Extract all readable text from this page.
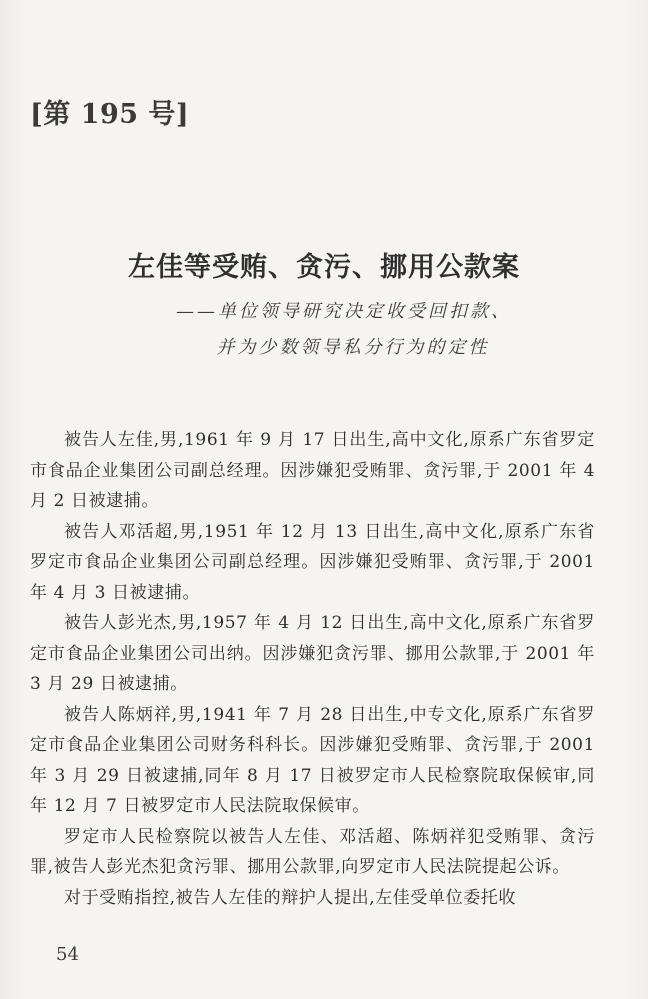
[第 195 号]
左佳等受贿、贪污、挪用公款案

——单位领导研究决定收受回扣款、

并为少数领导私分行为的定性

被告人左佳,男,1961 年 9 月 17 日出生,高中文化,原系广东省罗定市食品企业集团公司副总经理。因涉嫌犯受贿罪、贪污罪,于 2001 年 4 月 2 日被逮捕。

被告人邓活超,男,1951 年 12 月 13 日出生,高中文化,原系广东省罗定市食品企业集团公司副总经理。因涉嫌犯受贿罪、贪污罪,于 2001 年 4 月 3 日被逮捕。

被告人彭光杰,男,1957 年 4 月 12 日出生,高中文化,原系广东省罗定市食品企业集团公司出纳。因涉嫌犯贪污罪、挪用公款罪,于 2001 年 3 月 29 日被逮捕。

被告人陈炳祥,男,1941 年 7 月 28 日出生,中专文化,原系广东省罗定市食品企业集团公司财务科科长。因涉嫌犯受贿罪、贪污罪,于 2001 年 3 月 29 日被逮捕,同年 8 月 17 日被罗定市人民检察院取保候审,同年 12 月 7 日被罗定市人民法院取保候审。

罗定市人民检察院以被告人左佳、邓活超、陈炳祥犯受贿罪、贪污罪,被告人彭光杰犯贪污罪、挪用公款罪,向罗定市人民法院提起公诉。

对于受贿指控,被告人左佳的辩护人提出,左佳受单位委托收

54
